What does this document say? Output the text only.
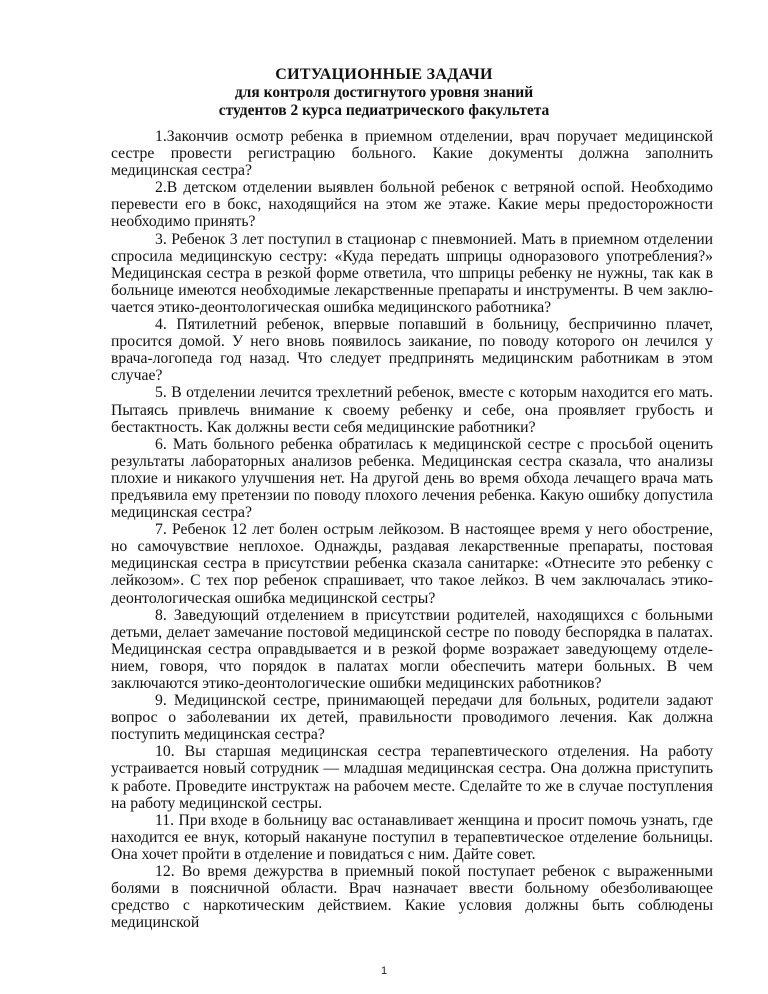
СИТУАЦИОННЫЕ ЗАДАЧИ
для контроля достигнутого уровня знаний
студентов 2 курса педиатрического факультета

1.Закончив осмотр ребенка в приемном отделении, врач поручает медицинской сестре провести регистрацию больного. Какие документы должна заполнить медицинская сестра?

2.В детском отделении выявлен больной ребенок с ветряной оспой. Необходимо перевести его в бокс, находящийся на этом же этаже. Какие меры предосторожности необходимо принять?

3. Ребенок 3 лет поступил в стационар с пневмонией. Мать в приемном отделении спросила медицинскую сестру: «Куда передать шприцы одноразового употребления?» Медицинская сестра в резкой форме ответила, что шприцы ребенку не нужны, так как в больнице имеются необходимые лекарственные препараты и инструменты. В чем заклю-чается этико-деонтологическая ошибка медицинского работника?

4. Пятилетний ребенок, впервые попавший в больницу, беспричинно плачет, просится домой. У него вновь появилось заикание, по поводу которого он лечился у врача-логопеда год назад. Что следует предпринять медицинским работникам в этом случае?

5. В отделении лечится трехлетний ребенок, вместе с которым находится его мать. Пытаясь привлечь внимание к своему ребенку и себе, она проявляет грубость и бестактность. Как должны вести себя медицинские работники?

6. Мать больного ребенка обратилась к медицинской сестре с просьбой оценить результаты лабораторных анализов ребенка. Медицинская сестра сказала, что анализы плохие и никакого улучшения нет. На другой день во время обхода лечащего врача мать предъявила ему претензии по поводу плохого лечения ребенка. Какую ошибку допустила медицинская сестра?

7. Ребенок 12 лет болен острым лейкозом. В настоящее время у него обострение, но самочувствие неплохое. Однажды, раздавая лекарственные препараты, постовая медицинская сестра в присутствии ребенка сказала санитарке: «Отнесите это ребенку с лейкозом». С тех пор ребенок спрашивает, что такое лейкоз. В чем заключалась этико-деонтологическая ошибка медицинской сестры?

8. Заведующий отделением в присутствии родителей, находящихся с больными детьми, делает замечание постовой медицинской сестре по поводу беспорядка в палатах. Медицинская сестра оправдывается и в резкой форме возражает заведующему отделе-нием, говоря, что порядок в палатах могли обеспечить матери больных. В чем заключаются этико-деонтологические ошибки медицинских работников?

9. Медицинской сестре, принимающей передачи для больных, родители задают вопрос о заболевании их детей, правильности проводимого лечения. Как должна поступить медицинская сестра?

10. Вы старшая медицинская сестра терапевтического отделения. На работу устраивается новый сотрудник — младшая медицинская сестра. Она должна приступить к работе. Проведите инструктаж на рабочем месте. Сделайте то же в случае поступления на работу медицинской сестры.

11. При входе в больницу вас останавливает женщина и просит помочь узнать, где находится ее внук, который накануне поступил в терапевтическое отделение больницы. Она хочет пройти в отделение и повидаться с ним. Дайте совет.

12. Во время дежурства в приемный покой поступает ребенок с выраженными болями в поясничной области. Врач назначает ввести больному обезболивающее средство с наркотическим действием. Какие условия должны быть соблюдены медицинской

1
